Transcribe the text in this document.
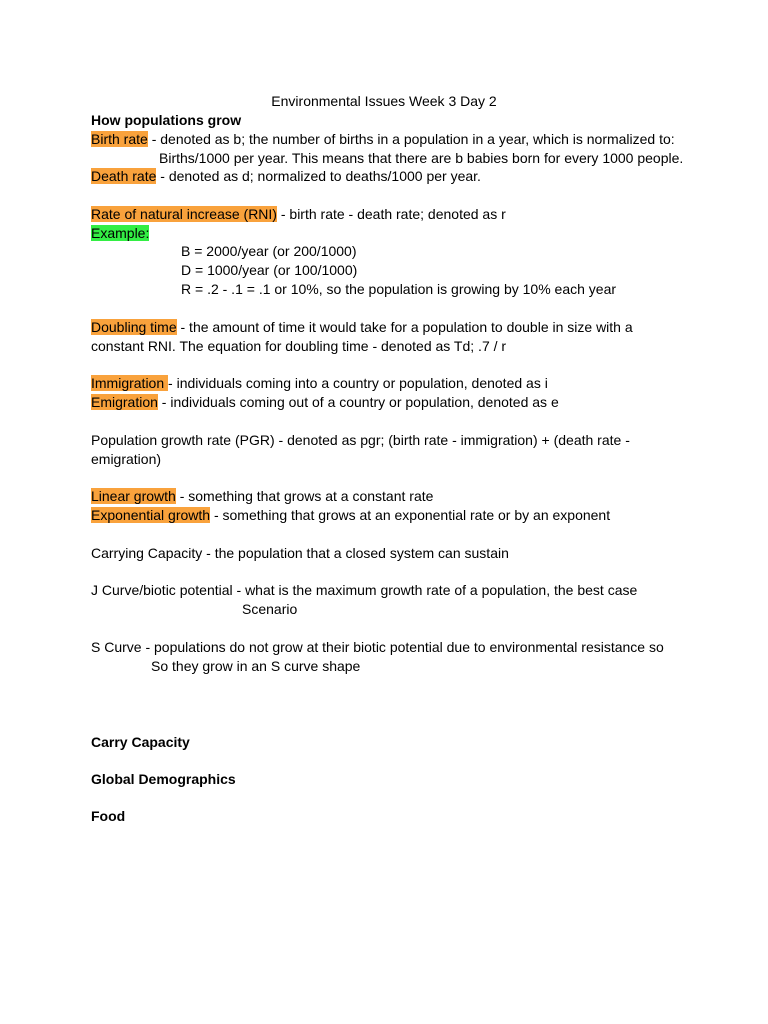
Environmental Issues Week 3 Day 2
How populations grow
Birth rate - denoted as b; the number of births in a population in a year, which is normalized to:
Births/1000 per year. This means that there are b babies born for every 1000 people.
Death rate - denoted as d; normalized to deaths/1000 per year.
Rate of natural increase (RNI) - birth rate - death rate; denoted as r
Example:
B = 2000/year (or 200/1000)
D = 1000/year (or 100/1000)
R = .2 - .1 = .1 or 10%, so the population is growing by 10% each year
Doubling time - the amount of time it would take for a population to double in size with a
constant RNI. The equation for doubling time - denoted as Td; .7 / r
Immigration - individuals coming into a country or population, denoted as i
Emigration - individuals coming out of a country or population, denoted as e
Population growth rate (PGR) - denoted as pgr; (birth rate - immigration) + (death rate -
emigration)
Linear growth - something that grows at a constant rate
Exponential growth - something that grows at an exponential rate or by an exponent
Carrying Capacity - the population that a closed system can sustain
J Curve/biotic potential - what is the maximum growth rate of a population, the best case
Scenario
S Curve - populations do not grow at their biotic potential due to environmental resistance so
So they grow in an S curve shape
Carry Capacity
Global Demographics
Food
